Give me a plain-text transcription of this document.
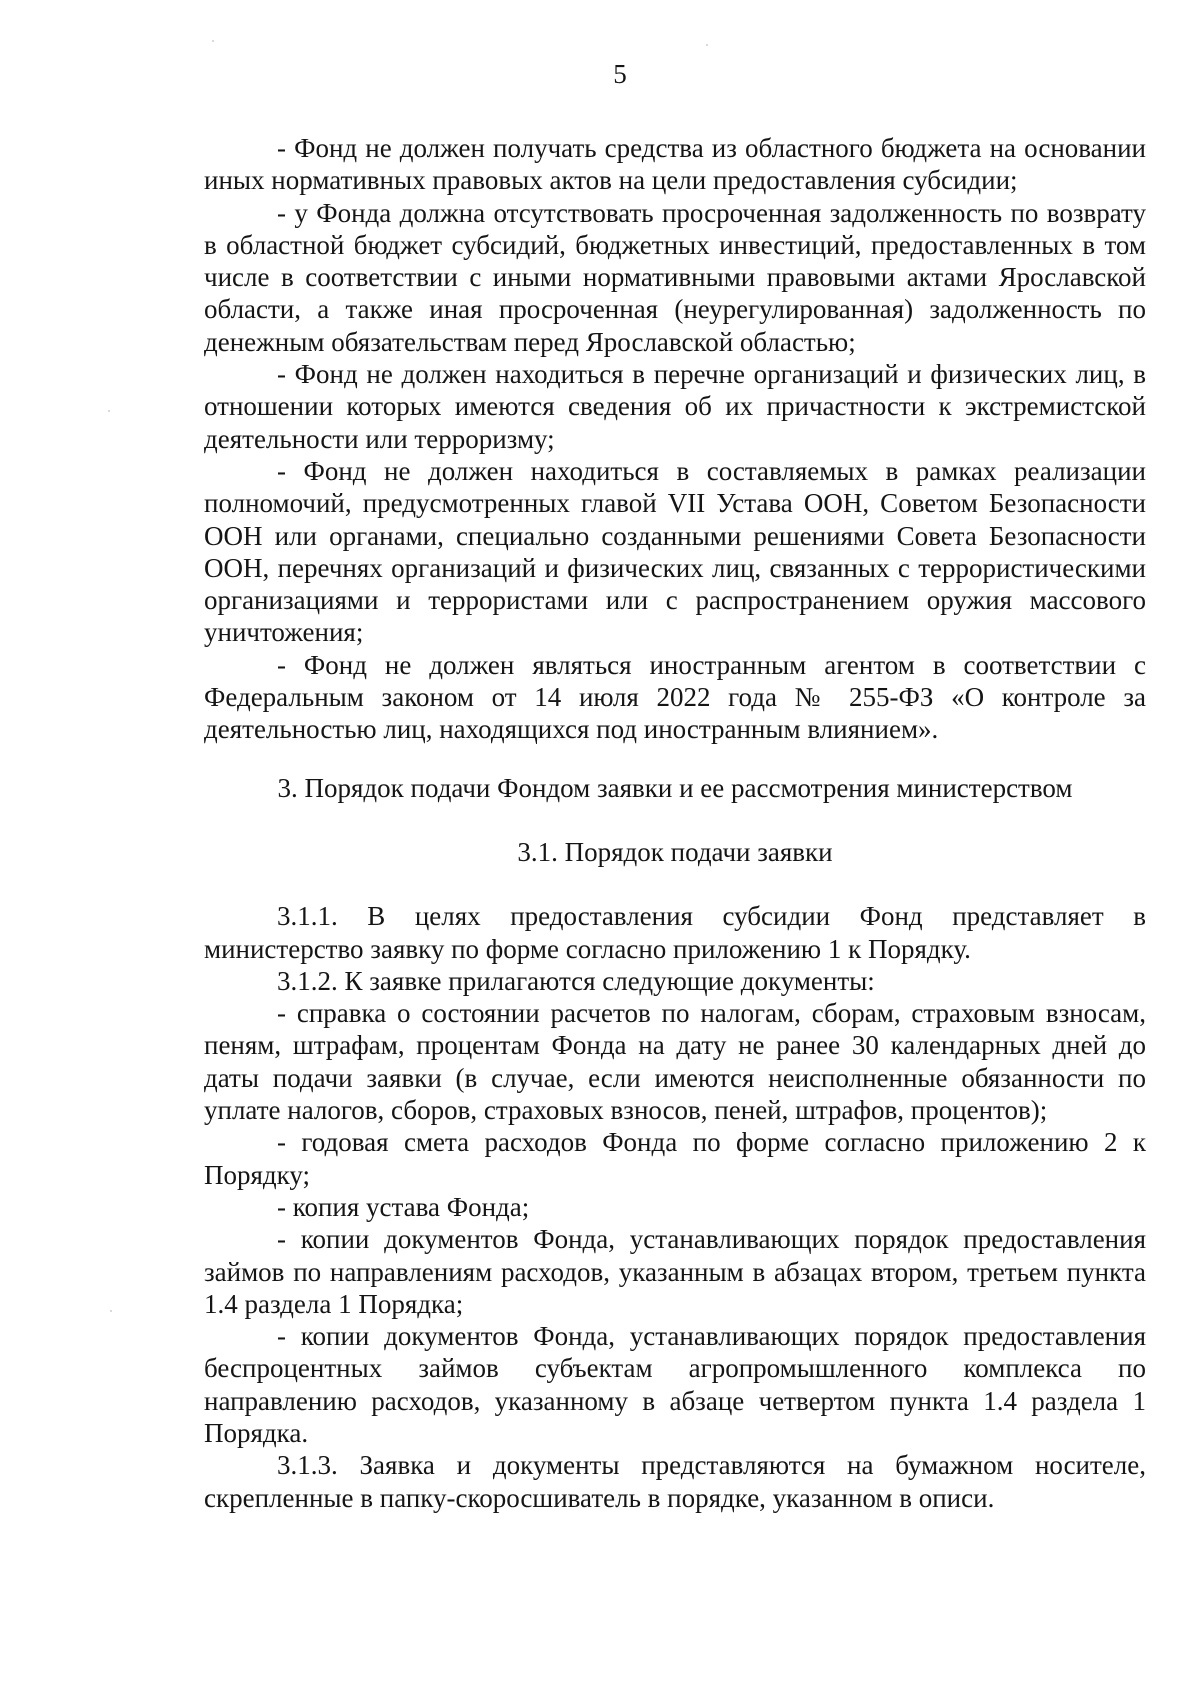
5

- Фонд не должен получать средства из областного бюджета на основании иных нормативных правовых актов на цели предоставления субсидии;

- у Фонда должна отсутствовать просроченная задолженность по возврату в областной бюджет субсидий, бюджетных инвестиций, предоставленных в том числе в соответствии с иными нормативными правовыми актами Ярославской области, а также иная просроченная (неурегулированная) задолженность по денежным обязательствам перед Ярославской областью;

- Фонд не должен находиться в перечне организаций и физических лиц, в отношении которых имеются сведения об их причастности к экстремистской деятельности или терроризму;

- Фонд не должен находиться в составляемых в рамках реализации полномочий, предусмотренных главой VII Устава ООН, Советом Безопасности ООН или органами, специально созданными решениями Совета Безопасности ООН, перечнях организаций и физических лиц, связанных с террористическими организациями и террористами или с распространением оружия массового уничтожения;

- Фонд не должен являться иностранным агентом в соответствии с Федеральным законом от 14 июля 2022 года № 255-ФЗ «О контроле за деятельностью лиц, находящихся под иностранным влиянием».

3. Порядок подачи Фондом заявки и ее рассмотрения министерством
3.1. Порядок подачи заявки

3.1.1. В целях предоставления субсидии Фонд представляет в министерство заявку по форме согласно приложению 1 к Порядку.

3.1.2. К заявке прилагаются следующие документы:

- справка о состоянии расчетов по налогам, сборам, страховым взносам, пеням, штрафам, процентам Фонда на дату не ранее 30 календарных дней до даты подачи заявки (в случае, если имеются неисполненные обязанности по уплате налогов, сборов, страховых взносов, пеней, штрафов, процентов);

- годовая смета расходов Фонда по форме согласно приложению 2 к Порядку;

- копия устава Фонда;

- копии документов Фонда, устанавливающих порядок предоставления займов по направлениям расходов, указанным в абзацах втором, третьем пункта 1.4 раздела 1 Порядка;

- копии документов Фонда, устанавливающих порядок предоставления беспроцентных займов субъектам агропромышленного комплекса по направлению расходов, указанному в абзаце четвертом пункта 1.4 раздела 1 Порядка.

3.1.3. Заявка и документы представляются на бумажном носителе, скрепленные в папку-скоросшиватель в порядке, указанном в описи.
